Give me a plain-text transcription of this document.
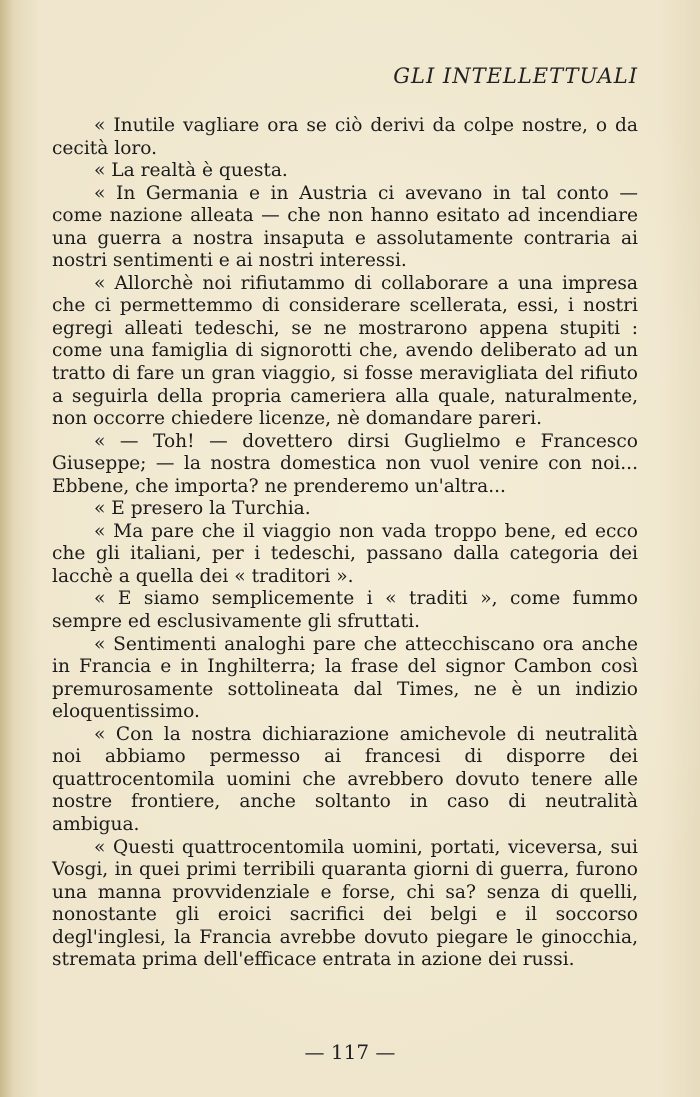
GLI INTELLETTUALI

« Inutile vagliare ora se ciò derivi da colpe nostre, o da cecità loro.

« La realtà è questa.

« In Germania e in Austria ci avevano in tal conto — come nazione alleata — che non hanno esitato ad incendiare una guerra a nostra insaputa e assolutamente contraria ai nostri sentimenti e ai nostri interessi.

« Allorchè noi rifiutammo di collaborare a una impresa che ci permettemmo di considerare scellerata, essi, i nostri egregi alleati tedeschi, se ne mostrarono appena stupiti : come una famiglia di signorotti che, avendo deliberato ad un tratto di fare un gran viaggio, si fosse meravigliata del rifiuto a seguirla della propria cameriera alla quale, naturalmente, non occorre chiedere licenze, nè domandare pareri.

« — Toh! — dovettero dirsi Guglielmo e Francesco Giuseppe; — la nostra domestica non vuol venire con noi... Ebbene, che importa? ne prenderemo un'altra...

« E presero la Turchia.

« Ma pare che il viaggio non vada troppo bene, ed ecco che gli italiani, per i tedeschi, passano dalla categoria dei lacchè a quella dei « traditori ».

« E siamo semplicemente i « traditi », come fummo sempre ed esclusivamente gli sfruttati.

« Sentimenti analoghi pare che attecchiscano ora anche in Francia e in Inghilterra; la frase del signor Cambon così premurosamente sottolineata dal Times, ne è un indizio eloquentissimo.

« Con la nostra dichiarazione amichevole di neutralità noi abbiamo permesso ai francesi di disporre dei quattrocentomila uomini che avrebbero dovuto tenere alle nostre frontiere, anche soltanto in caso di neutralità ambigua.

« Questi quattrocentomila uomini, portati, viceversa, sui Vosgi, in quei primi terribili quaranta giorni di guerra, furono una manna provvidenziale e forse, chi sa? senza di quelli, nonostante gli eroici sacrifici dei belgi e il soccorso degl'inglesi, la Francia avrebbe dovuto piegare le ginocchia, stremata prima dell'efficace entrata in azione dei russi.

— 117 —
